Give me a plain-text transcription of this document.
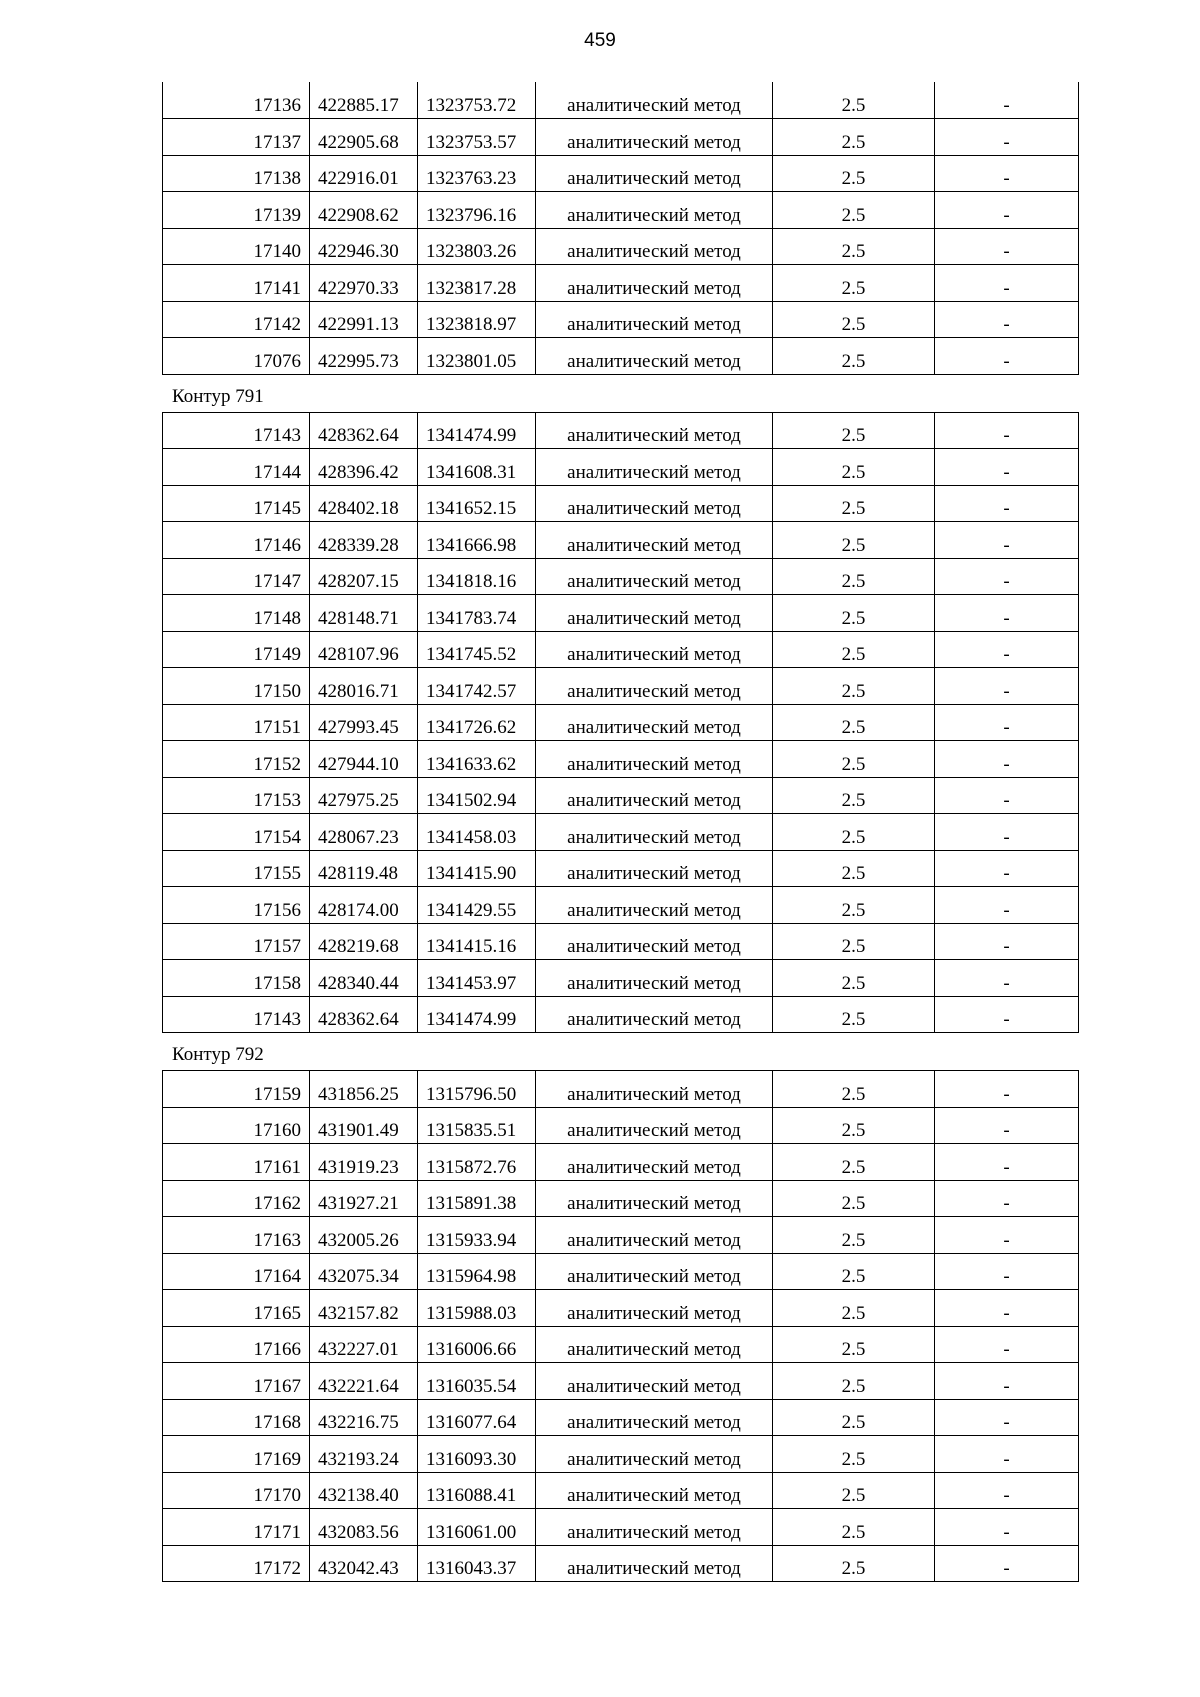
459
17136	422885.17	1323753.72	аналитический метод	2.5	-
17137	422905.68	1323753.57	аналитический метод	2.5	-
17138	422916.01	1323763.23	аналитический метод	2.5	-
17139	422908.62	1323796.16	аналитический метод	2.5	-
17140	422946.30	1323803.26	аналитический метод	2.5	-
17141	422970.33	1323817.28	аналитический метод	2.5	-
17142	422991.13	1323818.97	аналитический метод	2.5	-
17076	422995.73	1323801.05	аналитический метод	2.5	-
Контур 791
17143	428362.64	1341474.99	аналитический метод	2.5	-
17144	428396.42	1341608.31	аналитический метод	2.5	-
17145	428402.18	1341652.15	аналитический метод	2.5	-
17146	428339.28	1341666.98	аналитический метод	2.5	-
17147	428207.15	1341818.16	аналитический метод	2.5	-
17148	428148.71	1341783.74	аналитический метод	2.5	-
17149	428107.96	1341745.52	аналитический метод	2.5	-
17150	428016.71	1341742.57	аналитический метод	2.5	-
17151	427993.45	1341726.62	аналитический метод	2.5	-
17152	427944.10	1341633.62	аналитический метод	2.5	-
17153	427975.25	1341502.94	аналитический метод	2.5	-
17154	428067.23	1341458.03	аналитический метод	2.5	-
17155	428119.48	1341415.90	аналитический метод	2.5	-
17156	428174.00	1341429.55	аналитический метод	2.5	-
17157	428219.68	1341415.16	аналитический метод	2.5	-
17158	428340.44	1341453.97	аналитический метод	2.5	-
17143	428362.64	1341474.99	аналитический метод	2.5	-
Контур 792
17159	431856.25	1315796.50	аналитический метод	2.5	-
17160	431901.49	1315835.51	аналитический метод	2.5	-
17161	431919.23	1315872.76	аналитический метод	2.5	-
17162	431927.21	1315891.38	аналитический метод	2.5	-
17163	432005.26	1315933.94	аналитический метод	2.5	-
17164	432075.34	1315964.98	аналитический метод	2.5	-
17165	432157.82	1315988.03	аналитический метод	2.5	-
17166	432227.01	1316006.66	аналитический метод	2.5	-
17167	432221.64	1316035.54	аналитический метод	2.5	-
17168	432216.75	1316077.64	аналитический метод	2.5	-
17169	432193.24	1316093.30	аналитический метод	2.5	-
17170	432138.40	1316088.41	аналитический метод	2.5	-
17171	432083.56	1316061.00	аналитический метод	2.5	-
17172	432042.43	1316043.37	аналитический метод	2.5	-
